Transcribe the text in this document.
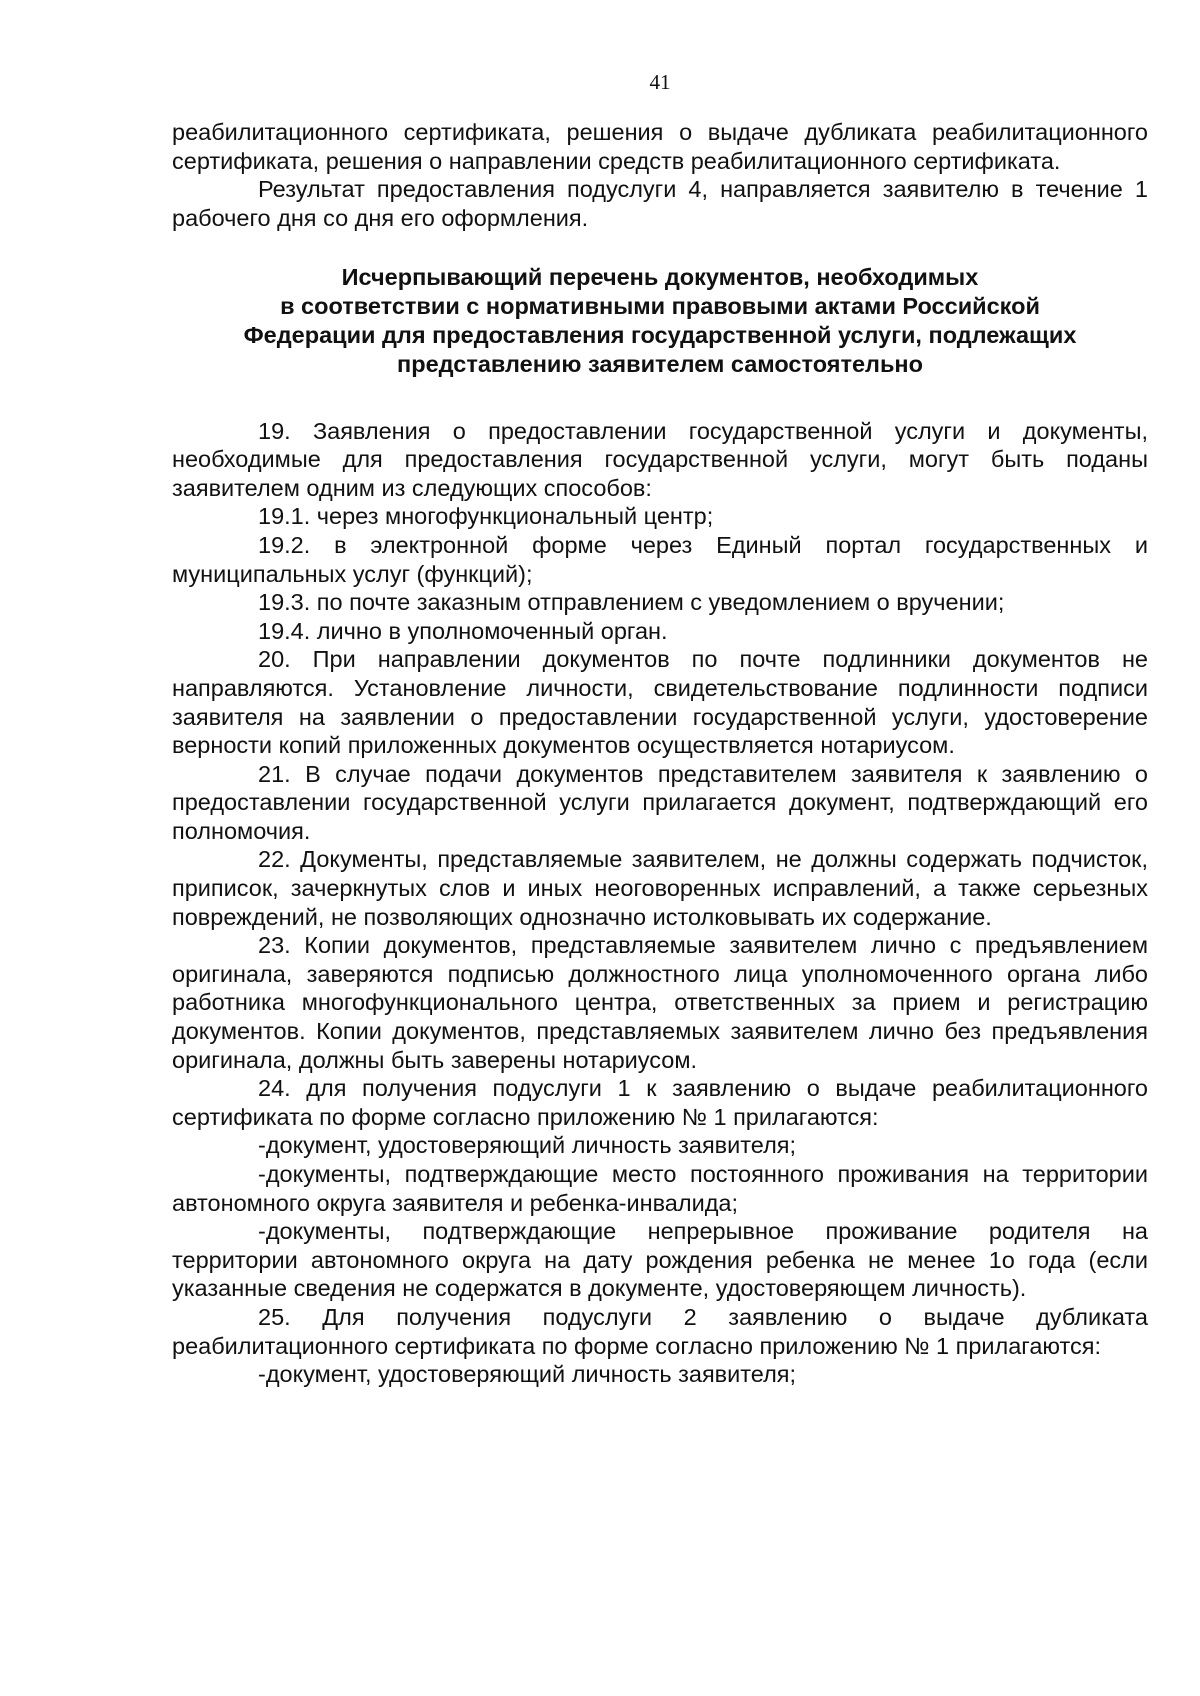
41

реабилитационного сертификата, решения о выдаче дубликата реабилитационного сертификата, решения о направлении средств реабилитационного сертификата.

Результат предоставления подуслуги 4, направляется заявителю в течение 1 рабочего дня со дня его оформления.

Исчерпывающий перечень документов, необходимых
в соответствии с нормативными правовыми актами Российской
Федерации для предоставления государственной услуги, подлежащих
представлению заявителем самостоятельно

19. Заявления о предоставлении государственной услуги и документы, необходимые для предоставления государственной услуги, могут быть поданы заявителем одним из следующих способов:

19.1. через многофункциональный центр;

19.2. в электронной форме через Единый портал государственных и муниципальных услуг (функций);

19.3. по почте заказным отправлением с уведомлением о вручении;

19.4. лично в уполномоченный орган.

20. При направлении документов по почте подлинники документов не направляются. Установление личности, свидетельствование подлинности подписи заявителя на заявлении о предоставлении государственной услуги, удостоверение верности копий приложенных документов осуществляется нотариусом.

21. В случае подачи документов представителем заявителя к заявлению о предоставлении государственной услуги прилагается документ, подтверждающий его полномочия.

22. Документы, представляемые заявителем, не должны содержать подчисток, приписок, зачеркнутых слов и иных неоговоренных исправлений, а также серьезных повреждений, не позволяющих однозначно истолковывать их содержание.

23. Копии документов, представляемые заявителем лично с предъявлением оригинала, заверяются подписью должностного лица уполномоченного органа либо работника многофункционального центра, ответственных за прием и регистрацию документов. Копии документов, представляемых заявителем лично без предъявления оригинала, должны быть заверены нотариусом.

24. для получения подуслуги 1 к заявлению о выдаче реабилитационного сертификата по форме согласно приложению № 1 прилагаются:

-документ, удостоверяющий личность заявителя;

-документы, подтверждающие место постоянного проживания на территории автономного округа заявителя и ребенка-инвалида;

-документы, подтверждающие непрерывное проживание родителя на территории автономного округа на дату рождения ребенка не менее 1о года (если указанные сведения не содержатся в документе, удостоверяющем личность).

25. Для получения подуслуги 2 заявлению о выдаче дубликата реабилитационного сертификата по форме согласно приложению № 1 прилагаются:

-документ, удостоверяющий личность заявителя;
